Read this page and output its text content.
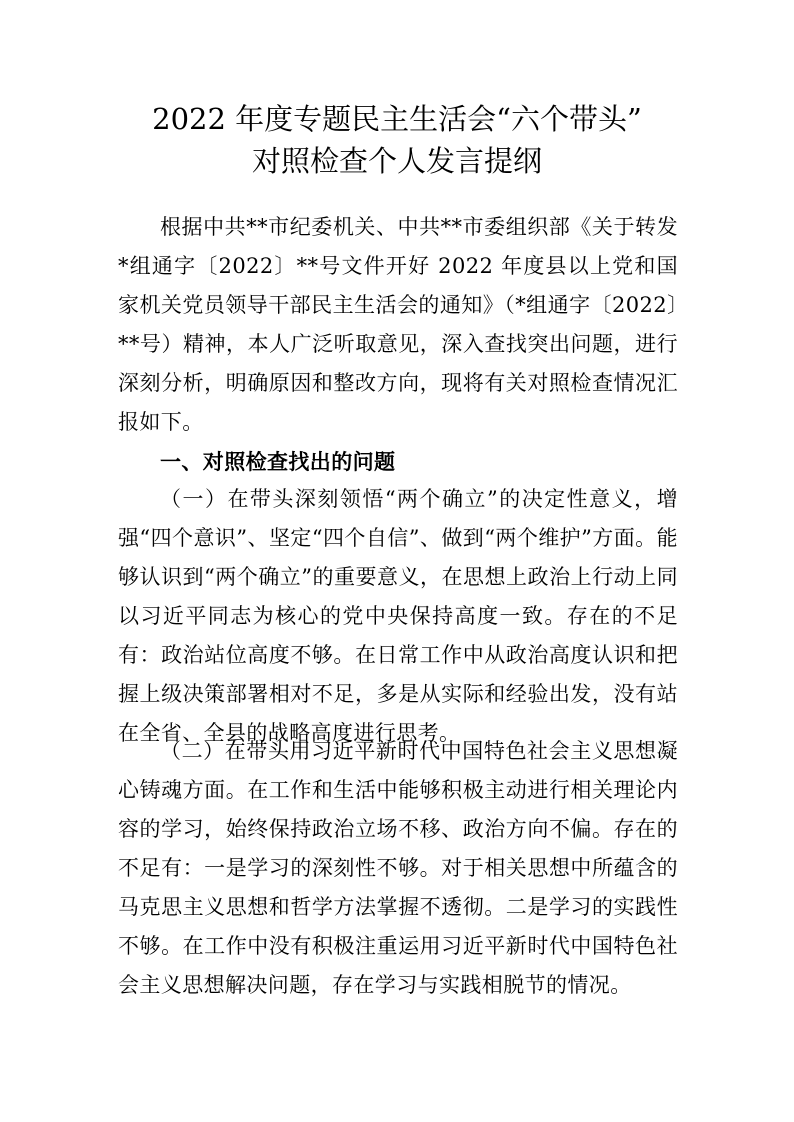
2022 年度专题民主生活会“六个带头”
对照检查个人发言提纲

根据中共**市纪委机关、中共**市委组织部《关于转发*组通字〔2022〕**号文件开好 2022 年度县以上党和国家机关党员领导干部民主生活会的通知》（*组通字〔2022〕**号）精神，本人广泛听取意见，深入查找突出问题，进行深刻分析，明确原因和整改方向，现将有关对照检查情况汇报如下。

一、对照检查找出的问题

（一）在带头深刻领悟“两个确立”的决定性意义，增强“四个意识”、坚定“四个自信”、做到“两个维护”方面。能够认识到“两个确立”的重要意义，在思想上政治上行动上同以习近平同志为核心的党中央保持高度一致。存在的不足有：政治站位高度不够。在日常工作中从政治高度认识和把握上级决策部署相对不足，多是从实际和经验出发，没有站在全省、全县的战略高度进行思考。

（二）在带头用习近平新时代中国特色社会主义思想凝心铸魂方面。在工作和生活中能够积极主动进行相关理论内容的学习，始终保持政治立场不移、政治方向不偏。存在的不足有：一是学习的深刻性不够。对于相关思想中所蕴含的马克思主义思想和哲学方法掌握不透彻。二是学习的实践性不够。在工作中没有积极注重运用习近平新时代中国特色社会主义思想解决问题，存在学习与实践相脱节的情况。
